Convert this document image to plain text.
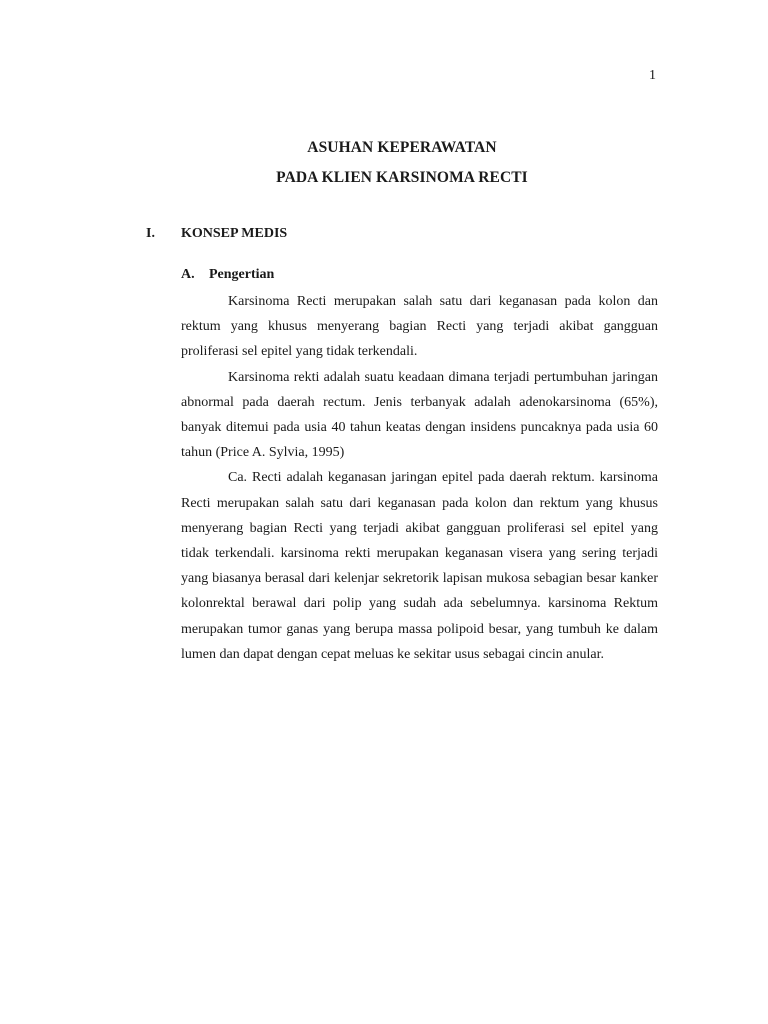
1
ASUHAN KEPERAWATAN
PADA KLIEN KARSINOMA RECTI
I. KONSEP MEDIS
A. Pengertian

Karsinoma Recti merupakan salah satu dari keganasan pada kolon dan rektum yang khusus menyerang bagian Recti yang terjadi akibat gangguan proliferasi sel epitel yang tidak terkendali.

Karsinoma rekti adalah suatu keadaan dimana terjadi pertumbuhan jaringan abnormal pada daerah rectum. Jenis terbanyak adalah adenokarsinoma (65%), banyak ditemui pada usia 40 tahun keatas dengan insidens puncaknya pada usia 60 tahun (Price A. Sylvia, 1995)

Ca. Recti adalah keganasan jaringan epitel pada daerah rektum. karsinoma Recti merupakan salah satu dari keganasan pada kolon dan rektum yang khusus menyerang bagian Recti yang terjadi akibat gangguan proliferasi sel epitel yang tidak terkendali. karsinoma rekti merupakan keganasan visera yang sering terjadi yang biasanya berasal dari kelenjar sekretorik lapisan mukosa sebagian besar kanker kolonrektal berawal dari polip yang sudah ada sebelumnya. karsinoma Rektum merupakan tumor ganas yang berupa massa polipoid besar, yang tumbuh ke dalam lumen dan dapat dengan cepat meluas ke sekitar usus sebagai cincin anular.
